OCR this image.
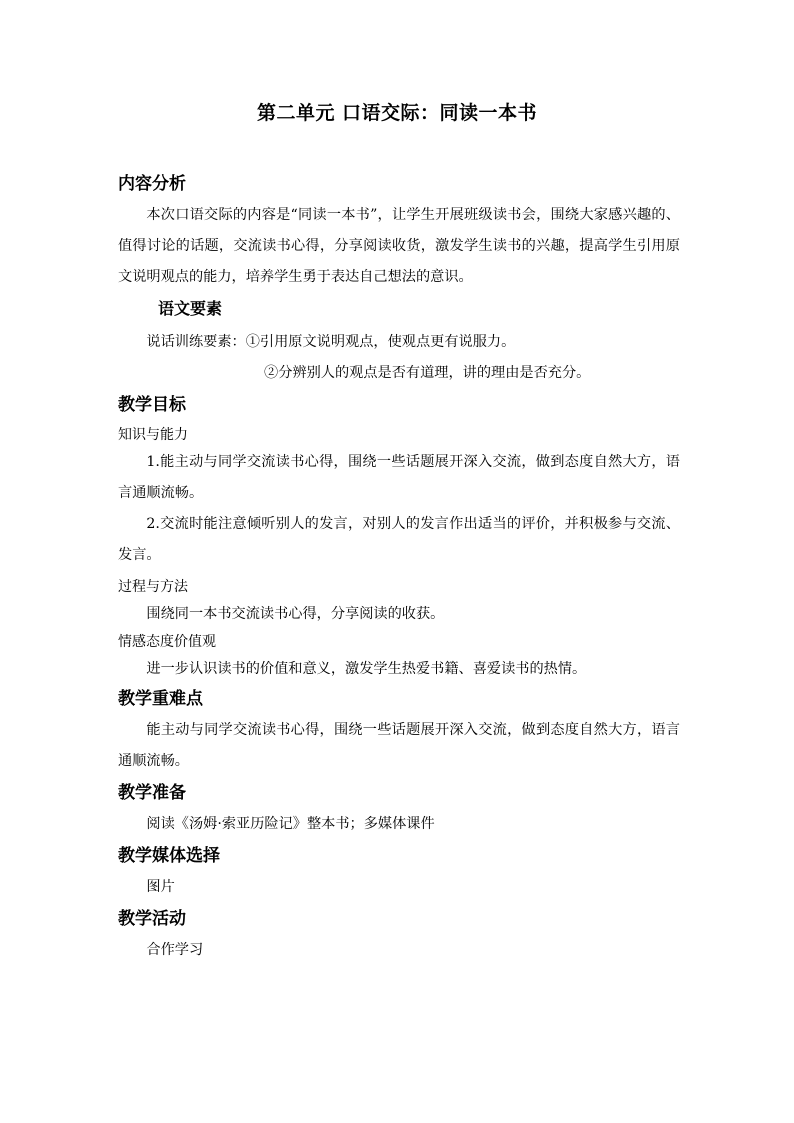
第二单元 口语交际：同读一本书

内容分析

本次口语交际的内容是“同读一本书”，让学生开展班级读书会，围绕大家感兴趣的、值得讨论的话题，交流读书心得，分享阅读收货，激发学生读书的兴趣，提高学生引用原文说明观点的能力，培养学生勇于表达自己想法的意识。

语文要素

说话训练要素：①引用原文说明观点，使观点更有说服力。

②分辨别人的观点是否有道理，讲的理由是否充分。

教学目标

知识与能力

1.能主动与同学交流读书心得，围绕一些话题展开深入交流，做到态度自然大方，语言通顺流畅。

2.交流时能注意倾听别人的发言，对别人的发言作出适当的评价，并积极参与交流、发言。

过程与方法

围绕同一本书交流读书心得，分享阅读的收获。

情感态度价值观

进一步认识读书的价值和意义，激发学生热爱书籍、喜爱读书的热情。

教学重难点

能主动与同学交流读书心得，围绕一些话题展开深入交流，做到态度自然大方，语言通顺流畅。

教学准备

阅读《汤姆·索亚历险记》整本书；多媒体课件

教学媒体选择

图片

教学活动

合作学习
